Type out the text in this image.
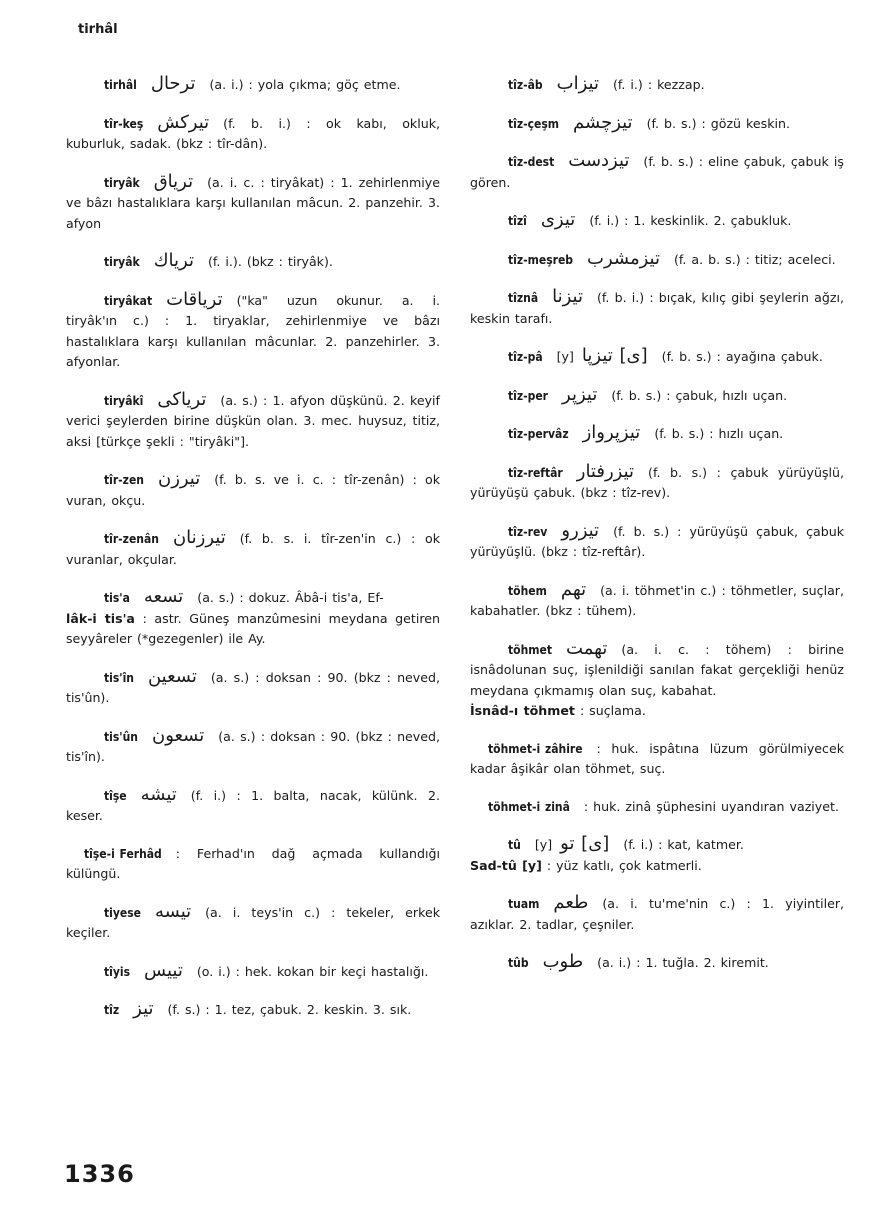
tirhâl
tirhâl ترحال (a. i.) : yola çıkma; göç etme.
tîr-keş تیرکش (f. b. i.) : ok kabı, okluk, kuburluk, sadak. (bkz : tîr-dân).
tiryâk ترياق (a. i. c. : tiryâkat) : 1. zehirlenmiye ve bâzı hastalıklara karşı kullanılan mâcun. 2. panzehir. 3. afyon
tiryâk ترياك (f. i.). (bkz : tiryâk).
tiryâkat ترياقات ("ka" uzun okunur. a. i. tiryâk'ın c.) : 1. tiryaklar, zehirlenmiye ve bâzı hastalıklara karşı kullanılan mâcunlar. 2. panzehirler. 3. afyonlar.
tiryâkî ترياكى (a. s.) : 1. afyon düşkünü. 2. keyif verici şeylerden birine düşkün olan. 3. mec. huysuz, titiz, aksi [türkçe şekli : "tiryâki"].
tîr-zen تیرزن (f. b. s. ve i. c. : tîr-zenân) : ok vuran, okçu.
tîr-zenân تیرزنان (f. b. s. i. tîr-zen'in c.) : ok vuranlar, okçular.
tis'a تسعه (a. s.) : dokuz. Âbâ-i tis'a, Ef-
lâk-i tis'a : astr. Güneş manzûmesini meydana getiren seyyâreler (*gezegenler) ile Ay.
tis'în تسعين (a. s.) : doksan : 90. (bkz : neved, tis'ûn).
tis'ûn تسعون (a. s.) : doksan : 90. (bkz : neved, tis'în).
tîşe تیشه (f. i.) : 1. balta, nacak, külünk. 2. keser.
tîşe-i Ferhâd : Ferhad'ın dağ açmada kullandığı külüngü.
tiyese تیسه (a. i. teys'in c.) : tekeler, erkek keçiler.
tîyis تییس (o. i.) : hek. kokan bir keçi hastalığı.
tîz تيز (f. s.) : 1. tez, çabuk. 2. keskin. 3. sık.
tîz-âb تیزاب (f. i.) : kezzap.
tîz-çeşm تیزچشم (f. b. s.) : gözü keskin.
tîz-dest تیزدست (f. b. s.) : eline çabuk, çabuk iş gören.
tîzî تیزى (f. i.) : 1. keskinlik. 2. çabukluk.
tîz-meşreb تیزمشرب (f. a. b. s.) : titiz; aceleci.
tîznâ تیزنا (f. b. i.) : bıçak, kılıç gibi şeylerin ağzı, keskin tarafı.
tîz-pâ [y] [ى] تیزپا (f. b. s.) : ayağına çabuk.
tîz-per تیزپر (f. b. s.) : çabuk, hızlı uçan.
tîz-pervâz تیزپرواز (f. b. s.) : hızlı uçan.
tîz-reftâr تیزرفتار (f. b. s.) : çabuk yürüyüşlü, yürüyüşü çabuk. (bkz : tîz-rev).
tîz-rev تیزرو (f. b. s.) : yürüyüşü çabuk, çabuk yürüyüşlü. (bkz : tîz-reftâr).
töhem تهم (a. i. töhmet'in c.) : töhmetler, suçlar, kabahatler. (bkz : tühem).
töhmet تهمت (a. i. c. : töhem) : birine isnâdolunan suç, işlenildiği sanılan fakat gerçekliği henüz meydana çıkmamış olan suç, kabahat.
İsnâd-ı töhmet : suçlama.
töhmet-i zâhire : huk. ispâtına lüzum görülmiyecek kadar âşikâr olan töhmet, suç.
töhmet-i zinâ : huk. zinâ şüphesini uyandıran vaziyet.
tû [y] [ى] تو (f. i.) : kat, katmer.
Sad-tû [y] : yüz katlı, çok katmerli.
tuam طعم (a. i. tu'me'nin c.) : 1. yiyintiler, azıklar. 2. tadlar, çeşniler.
tûb طوب (a. i.) : 1. tuğla. 2. kiremit.
1336
